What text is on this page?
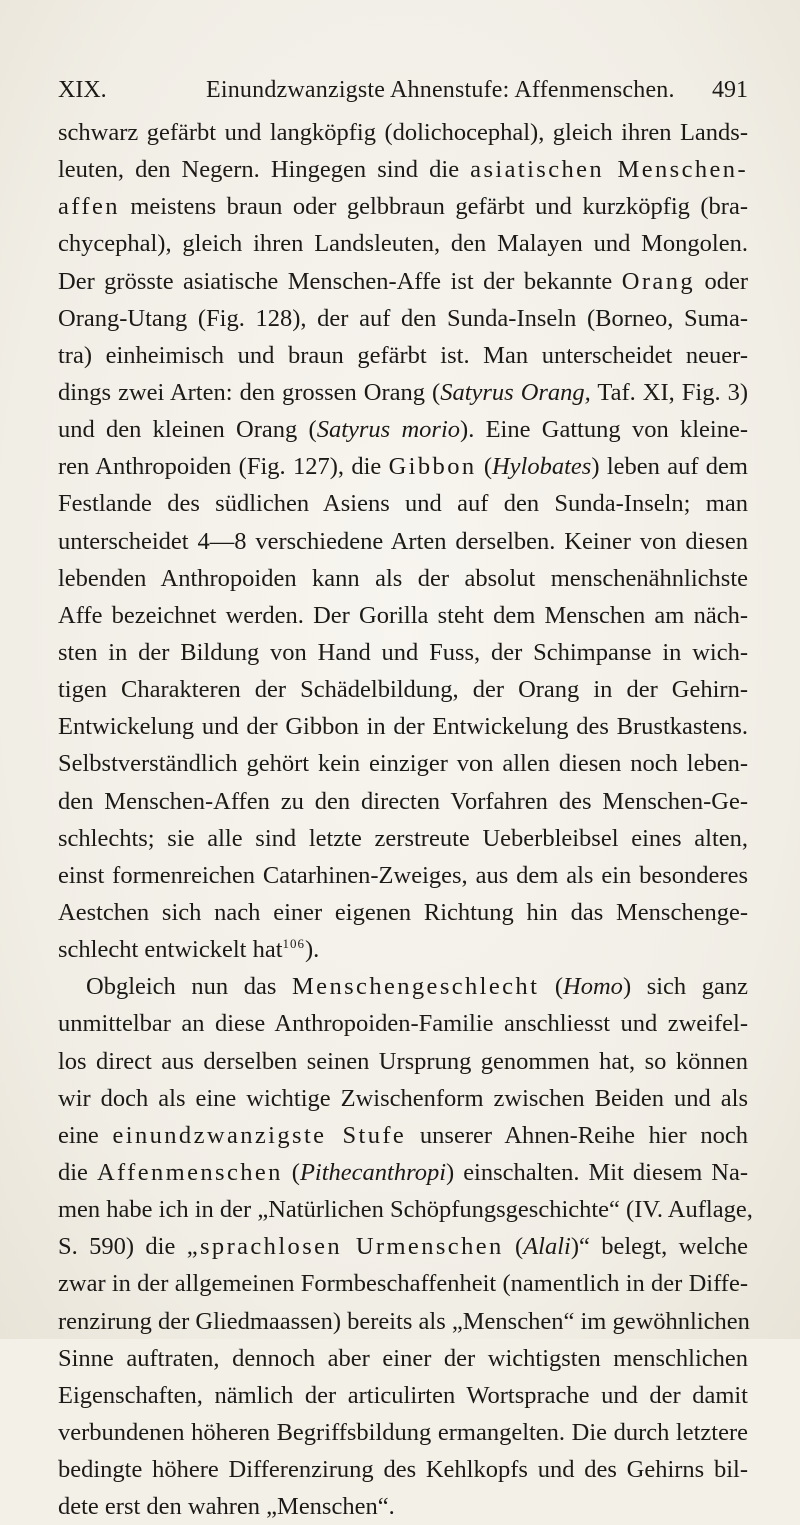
XIX.	Einundzwanzigste Ahnenstufe: Affenmenschen. 491
schwarz gefärbt und langköpfig (dolichocephal), gleich ihren Lands-
leuten, den Negern. Hingegen sind die asiatischen Menschen-
affen meistens braun oder gelbbraun gefärbt und kurzköpfig (bra-
chycephal), gleich ihren Landsleuten, den Malayen und Mongolen.
Der grösste asiatische Menschen-Affe ist der bekannte Orang oder
Orang-Utang (Fig. 128), der auf den Sunda-Inseln (Borneo, Suma-
tra) einheimisch und braun gefärbt ist. Man unterscheidet neuer-
dings zwei Arten: den grossen Orang (Satyrus Orang, Taf. XI, Fig. 3)
und den kleinen Orang (Satyrus morio). Eine Gattung von kleine-
ren Anthropoiden (Fig. 127), die Gibbon (Hylobates) leben auf dem
Festlande des südlichen Asiens und auf den Sunda-Inseln; man
unterscheidet 4—8 verschiedene Arten derselben. Keiner von diesen
lebenden Anthropoiden kann als der absolut menschenähnlichste
Affe bezeichnet werden. Der Gorilla steht dem Menschen am näch-
sten in der Bildung von Hand und Fuss, der Schimpanse in wich-
tigen Charakteren der Schädelbildung, der Orang in der Gehirn-
Entwickelung und der Gibbon in der Entwickelung des Brustkastens.
Selbstverständlich gehört kein einziger von allen diesen noch leben-
den Menschen-Affen zu den directen Vorfahren des Menschen-Ge-
schlechts; sie alle sind letzte zerstreute Ueberbleibsel eines alten,
einst formenreichen Catarhinen-Zweiges, aus dem als ein besonderes
Aestchen sich nach einer eigenen Richtung hin das Menschenge-
schlecht entwickelt hat$^{106}$).
Obgleich nun das Menschengeschlecht (Homo) sich ganz
unmittelbar an diese Anthropoiden-Familie anschliesst und zweifel-
los direct aus derselben seinen Ursprung genommen hat, so können
wir doch als eine wichtige Zwischenform zwischen Beiden und als
eine einundzwanzigste Stufe unserer Ahnen-Reihe hier noch
die Affenmenschen (Pithecanthropi) einschalten. Mit diesem Na-
men habe ich in der „Natürlichen Schöpfungsgeschichte“ (IV. Auflage,
S. 590) die „sprachlosen Urmenschen (Alali)“ belegt, welche
zwar in der allgemeinen Formbeschaffenheit (namentlich in der Diffe-
renzirung der Gliedmaassen) bereits als „Menschen“ im gewöhnlichen
Sinne auftraten, dennoch aber einer der wichtigsten menschlichen
Eigenschaften, nämlich der articulirten Wortsprache und der damit
verbundenen höheren Begriffsbildung ermangelten. Die durch letztere
bedingte höhere Differenzirung des Kehlkopfs und des Gehirns bil-
dete erst den wahren „Menschen“.
